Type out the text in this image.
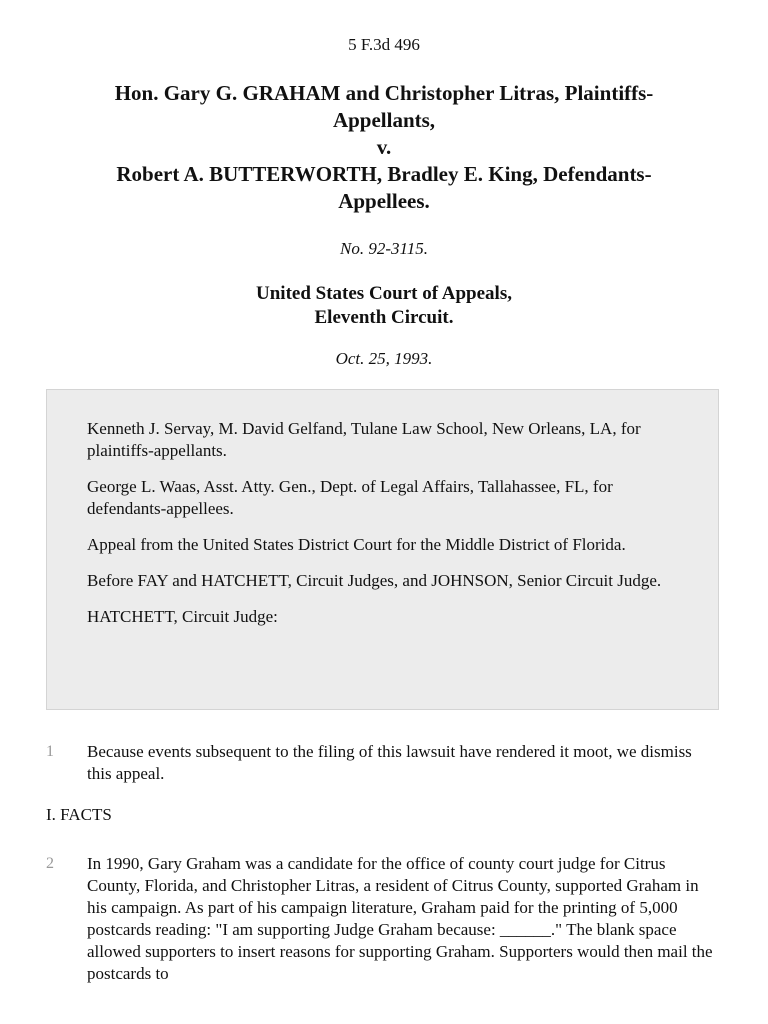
5 F.3d 496
Hon. Gary G. GRAHAM and Christopher Litras, Plaintiffs-
Appellants,
v.
Robert A. BUTTERWORTH, Bradley E. King, Defendants-
Appellees.
No. 92-3115.
United States Court of Appeals,
Eleventh Circuit.
Oct. 25, 1993.

Kenneth J. Servay, M. David Gelfand, Tulane Law School, New Orleans, LA, for plaintiffs-appellants.

George L. Waas, Asst. Atty. Gen., Dept. of Legal Affairs, Tallahassee, FL, for defendants-appellees.

Appeal from the United States District Court for the Middle District of Florida.

Before FAY and HATCHETT, Circuit Judges, and JOHNSON, Senior Circuit Judge.

HATCHETT, Circuit Judge:

1	Because events subsequent to the filing of this lawsuit have rendered it moot, we dismiss this appeal.
I. FACTS
2	In 1990, Gary Graham was a candidate for the office of county court judge for Citrus County, Florida, and Christopher Litras, a resident of Citrus County, supported Graham in his campaign. As part of his campaign literature, Graham paid for the printing of 5,000 postcards reading: "I am supporting Judge Graham because: ______." The blank space allowed supporters to insert reasons for supporting Graham. Supporters would then mail the postcards to
